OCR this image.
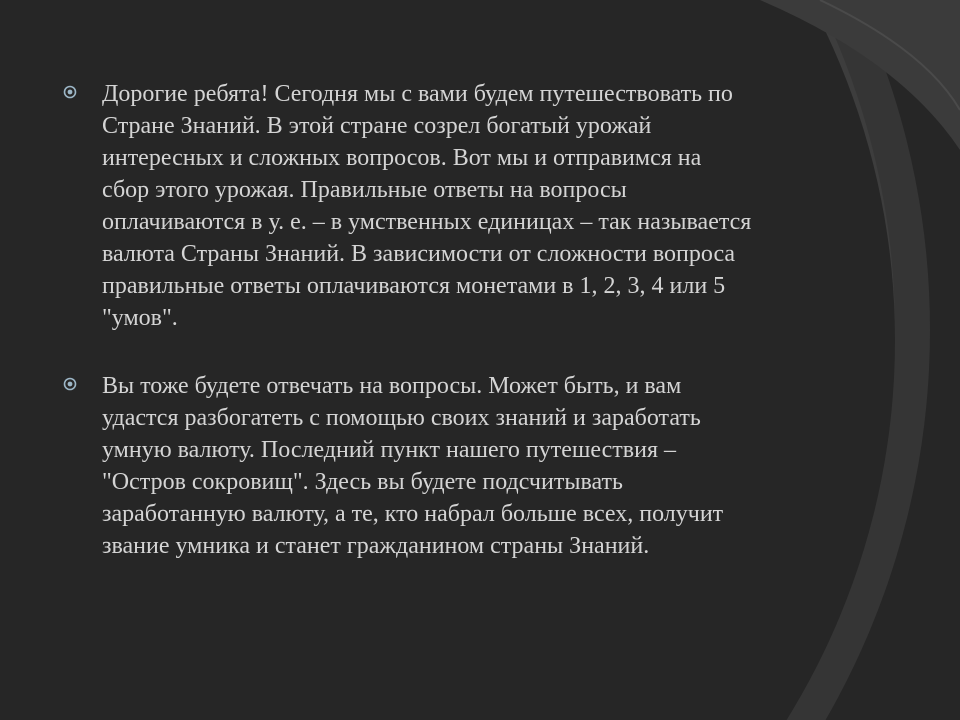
Дорогие ребята! Сегодня мы с вами будем путешествовать по Стране Знаний. В этой стране созрел богатый урожай интересных и сложных вопросов. Вот мы и отправимся на сбор этого урожая. Правильные ответы на вопросы оплачиваются в у. е. – в умственных единицах – так называется валюта Страны Знаний. В зависимости от сложности вопроса правильные ответы оплачиваются монетами в 1, 2, 3, 4 или 5 "умов".
Вы тоже будете отвечать на вопросы. Может быть, и вам удастся разбогатеть с помощью своих знаний и заработать умную валюту. Последний пункт нашего путешествия – "Остров сокровищ". Здесь вы будете подсчитывать заработанную валюту, а те, кто набрал больше всех, получит звание умника и станет гражданином страны Знаний.
